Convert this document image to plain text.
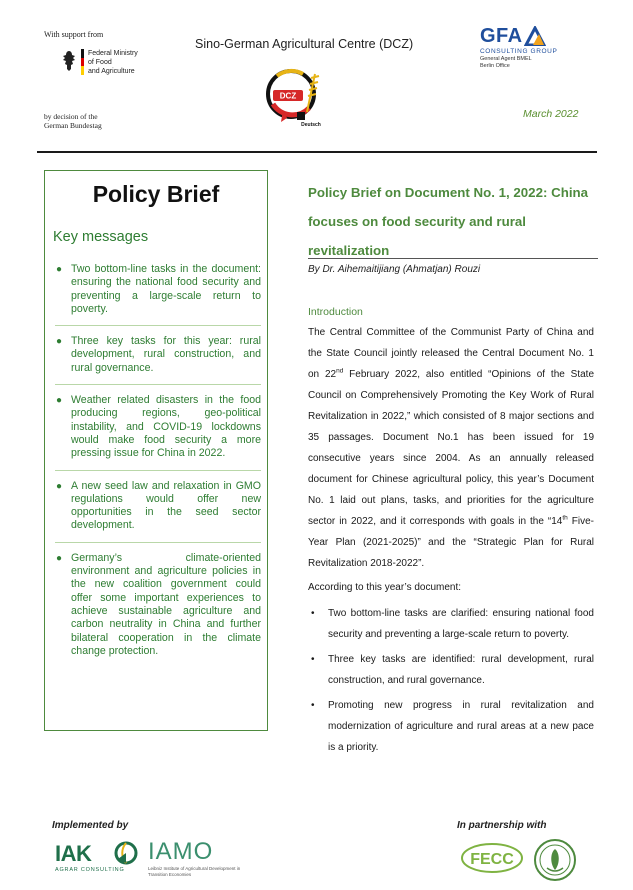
With support from
Federal Ministry
of Food
and Agriculture
by decision of the
German Bundestag
Sino-German Agricultural Centre (DCZ)
DCZ
Deutsch
GFA
CONSULTING GROUP
General Agent BMEL
Berlin Office
March 2022
Policy Brief
Key messages
● Two bottom-line tasks in the document: ensuring the national food security and preventing a large-scale return to poverty.
● Three key tasks for this year: rural development, rural construction, and rural governance.
● Weather related disasters in the food producing regions, geo-political instability, and COVID-19 lockdowns would make food security a more pressing issue for China in 2022.
● A new seed law and relaxation in GMO regulations would offer new opportunities in the seed sector development.
● Germany’s climate-oriented environment and agriculture policies in the new coalition government could offer some important experiences to achieve sustainable agriculture and carbon neutrality in China and further bilateral cooperation in the climate change protection.
Policy Brief on Document No. 1, 2022: China focuses on food security and rural revitalization
By Dr. Aihemaitijiang (Ahmatjan) Rouzi
Introduction
The Central Committee of the Communist Party of China and the State Council jointly released the Central Document No. 1 on 22nd February 2022, also entitled “Opinions of the State Council on Comprehensively Promoting the Key Work of Rural Revitalization in 2022,” which consisted of 8 major sections and 35 passages. Document No.1 has been issued for 19 consecutive years since 2004. As an annually released document for Chinese agricultural policy, this year’s Document No. 1 laid out plans, tasks, and priorities for the agriculture sector in 2022, and it corresponds with goals in the “14th Five-Year Plan (2021-2025)” and the “Strategic Plan for Rural Revitalization 2018-2022”.
According to this year’s document:
• Two bottom-line tasks are clarified: ensuring national food security and preventing a large-scale return to poverty.
• Three key tasks are identified: rural development, rural construction, and rural governance.
• Promoting new progress in rural revitalization and modernization of agriculture and rural areas at a new pace is a priority.
Implemented by
IAK
AGRAR CONSULTING
IAMO
Leibniz Institute of Agricultural Development in Transition Economies
In partnership with
FECC
